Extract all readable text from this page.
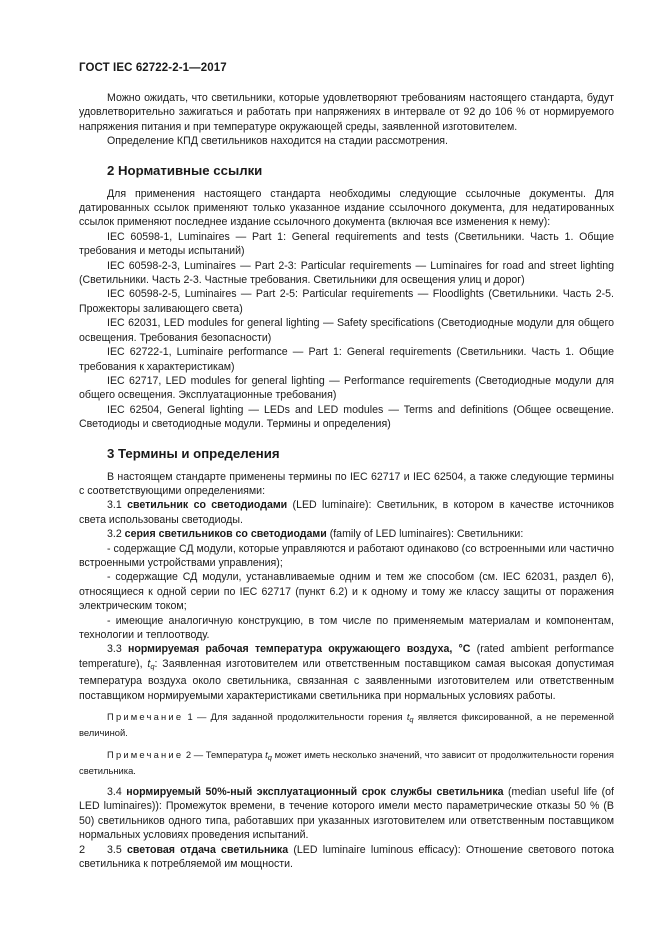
ГОСТ IEC 62722-2-1—2017

Можно ожидать, что светильники, которые удовлетворяют требованиям настоящего стандарта, будут удовлетворительно зажигаться и работать при напряжениях в интервале от 92 до 106 % от нормируемого напряжения питания и при температуре окружающей среды, заявленной изготовителем.

Определение КПД светильников находится на стадии рассмотрения.

2 Нормативные ссылки

Для применения настоящего стандарта необходимы следующие ссылочные документы. Для датированных ссылок применяют только указанное издание ссылочного документа, для недатированных ссылок применяют последнее издание ссылочного документа (включая все изменения к нему):

IEC 60598-1, Luminaires — Part 1: General requirements and tests (Светильники. Часть 1. Общие требования и методы испытаний)

IEC 60598-2-3, Luminaires — Part 2-3: Particular requirements — Luminaires for road and street lighting (Светильники. Часть 2-3. Частные требования. Светильники для освещения улиц и дорог)

IEC 60598-2-5, Luminaires — Part 2-5: Particular requirements — Floodlights (Светильники. Часть 2-5. Прожекторы заливающего света)

IEC 62031, LED modules for general lighting — Safety specifications (Светодиодные модули для общего освещения. Требования безопасности)

IEC 62722-1, Luminaire performance — Part 1: General requirements (Светильники. Часть 1. Общие требования к характеристикам)

IEC 62717, LED modules for general lighting — Performance requirements (Светодиодные модули для общего освещения. Эксплуатационные требования)

IEC 62504, General lighting — LEDs and LED modules — Terms and definitions (Общее освещение. Светодиоды и светодиодные модули. Термины и определения)

3 Термины и определения

В настоящем стандарте применены термины по IEC 62717 и IEC 62504, а также следующие термины с соответствующими определениями:

3.1 светильник со светодиодами (LED luminaire): Светильник, в котором в качестве источников света использованы светодиоды.

3.2 серия светильников со светодиодами (family of LED luminaires): Светильники:

- содержащие СД модули, которые управляются и работают одинаково (со встроенными или частично встроенными устройствами управления);

- содержащие СД модули, устанавливаемые одним и тем же способом (см. IEC 62031, раздел 6), относящиеся к одной серии по IEC 62717 (пункт 6.2) и к одному и тому же классу защиты от поражения электрическим током;

- имеющие аналогичную конструкцию, в том числе по применяемым материалам и компонентам, технологии и теплоотводу.

3.3 нормируемая рабочая температура окружающего воздуха, °C (rated ambient performance temperature), $t_q$: Заявленная изготовителем или ответственным поставщиком самая высокая допустимая температура воздуха около светильника, связанная с заявленными изготовителем или ответственным поставщиком нормируемыми характеристиками светильника при нормальных условиях работы.

Примечание 1 — Для заданной продолжительности горения $t_q$ является фиксированной, а не переменной величиной.

Примечание 2 — Температура $t_q$ может иметь несколько значений, что зависит от продолжительности горения светильника.

3.4 нормируемый 50%-ный эксплуатационный срок службы светильника (median useful life (of LED luminaires)): Промежуток времени, в течение которого имели место параметрические отказы 50 % (B 50) светильников одного типа, работавших при указанных изготовителем или ответственным поставщиком нормальных условиях проведения испытаний.

3.5 световая отдача светильника (LED luminaire luminous efficacy): Отношение светового потока светильника к потребляемой им мощности.

2
